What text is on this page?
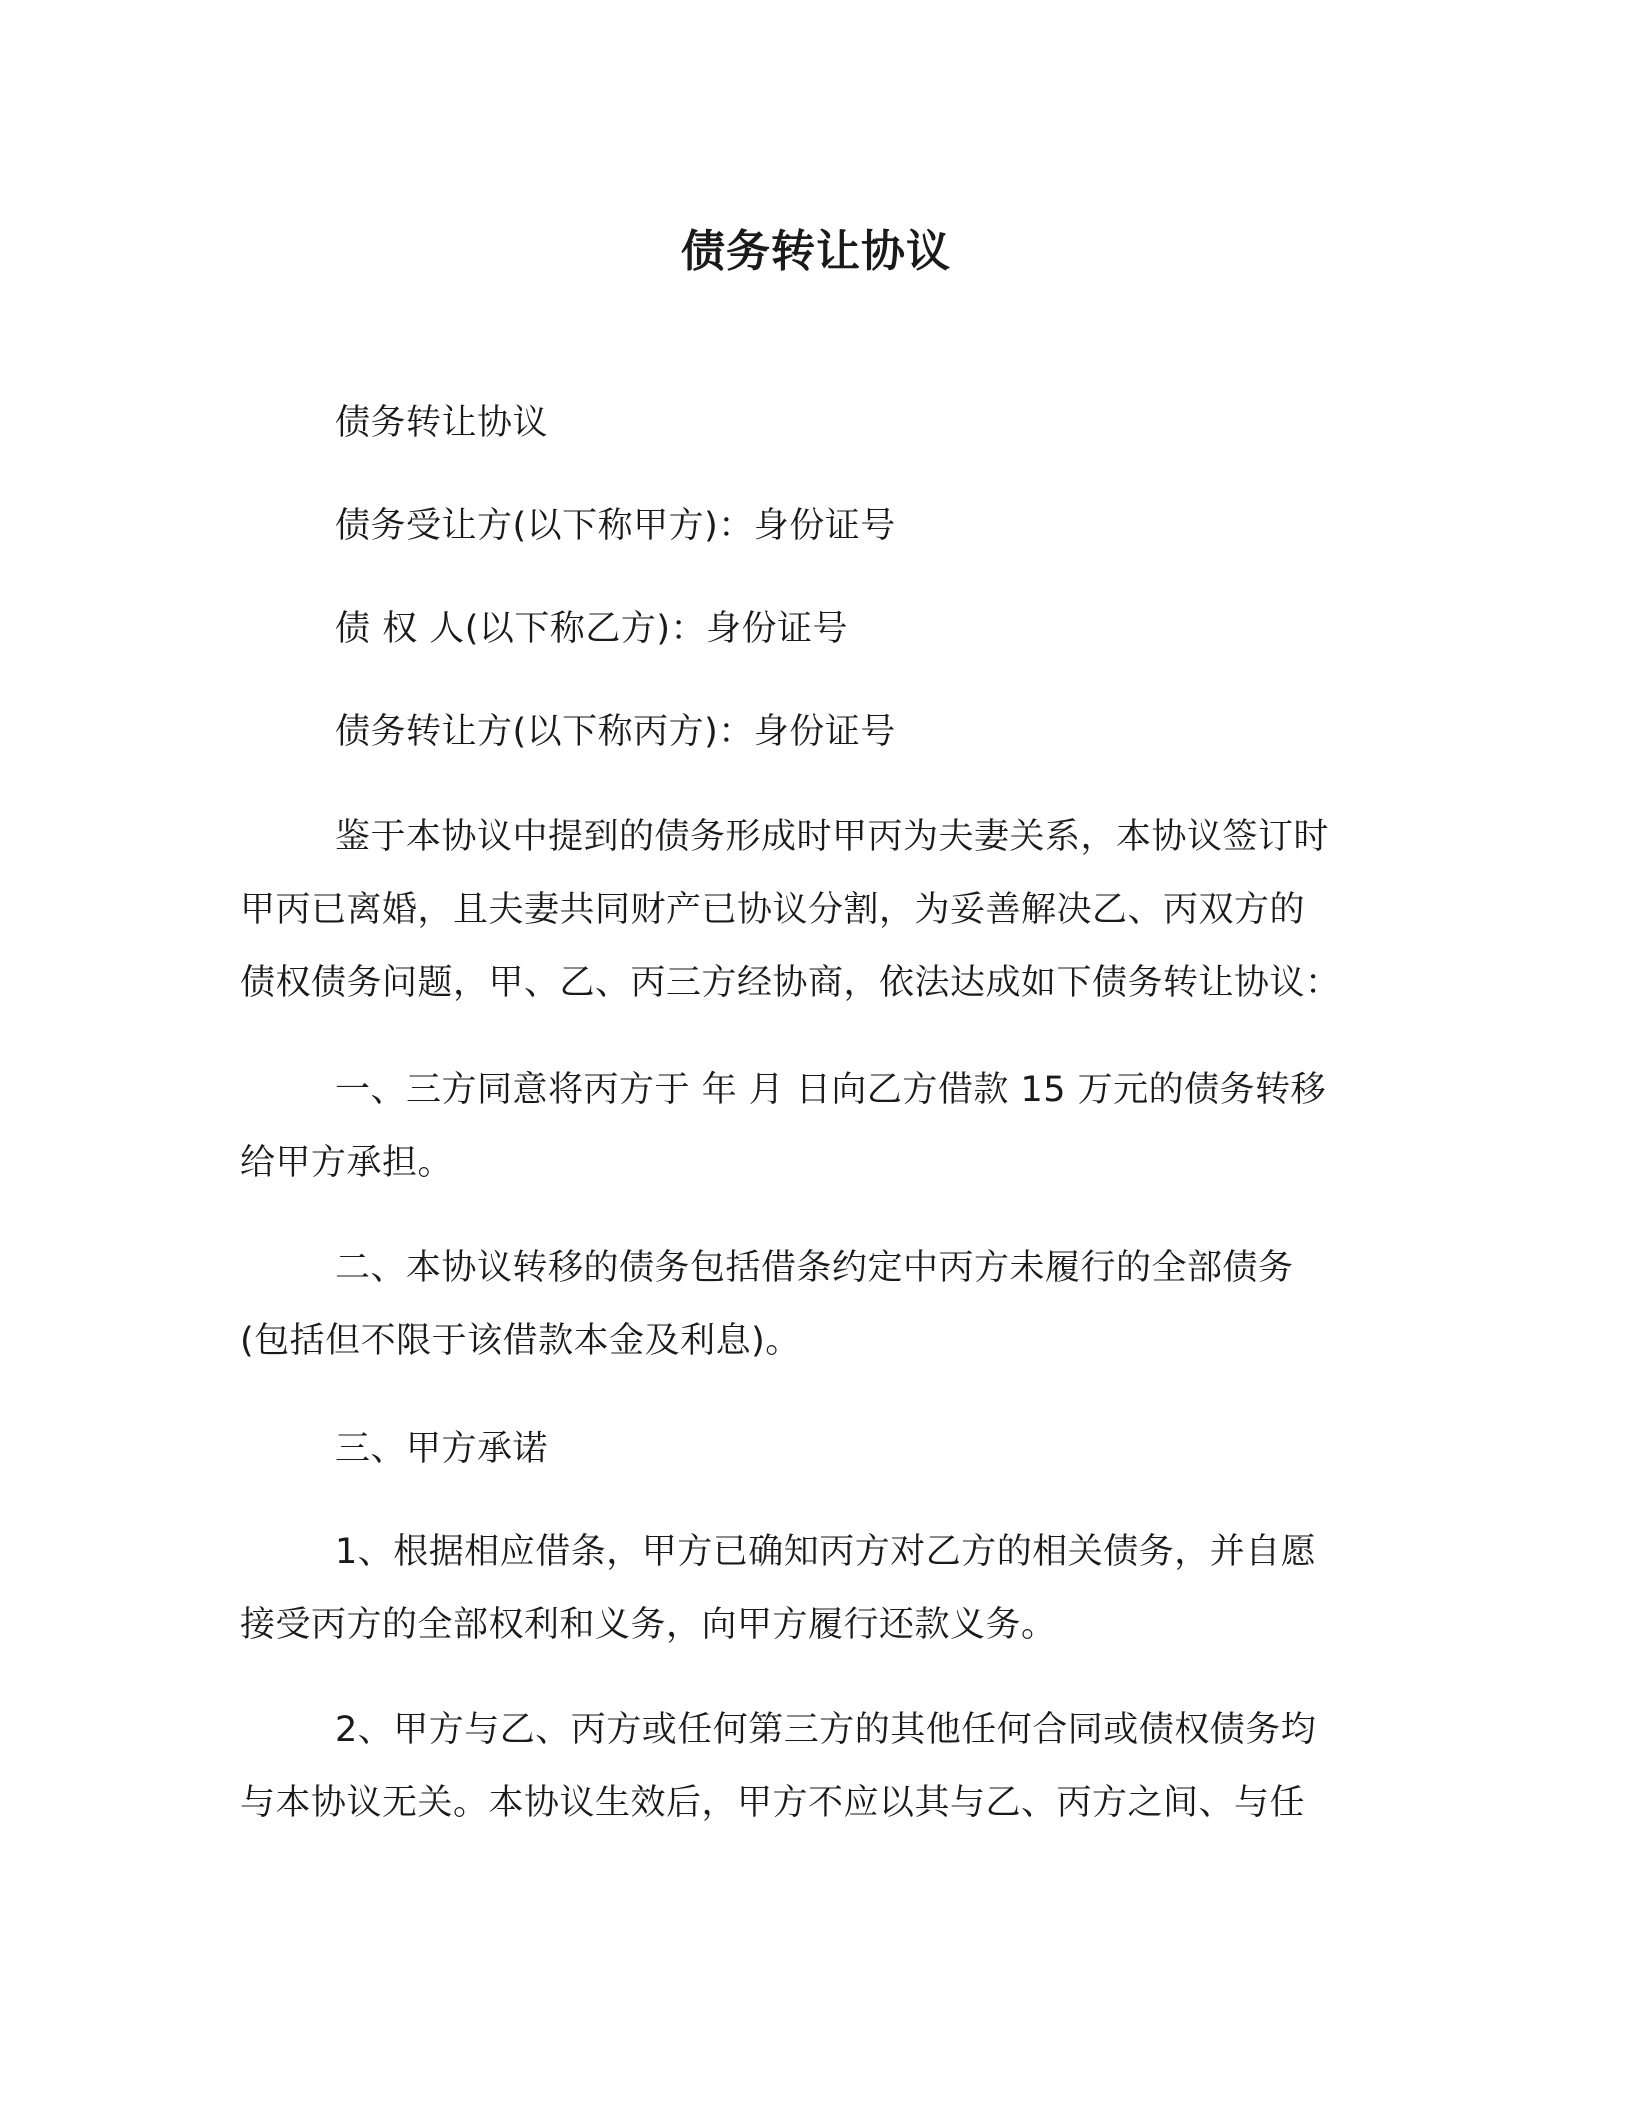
债务转让协议
债务转让协议
债务受让方(以下称甲方)：身份证号
债 权 人(以下称乙方)：身份证号
债务转让方(以下称丙方)：身份证号
鉴于本协议中提到的债务形成时甲丙为夫妻关系，本协议签订时
甲丙已离婚，且夫妻共同财产已协议分割，为妥善解决乙、丙双方的
债权债务问题，甲、乙、丙三方经协商，依法达成如下债务转让协议：
一、三方同意将丙方于 年 月 日向乙方借款 15 万元的债务转移
给甲方承担。
二、本协议转移的债务包括借条约定中丙方未履行的全部债务
(包括但不限于该借款本金及利息)。
三、甲方承诺
1、根据相应借条，甲方已确知丙方对乙方的相关债务，并自愿
接受丙方的全部权利和义务，向甲方履行还款义务。
2、甲方与乙、丙方或任何第三方的其他任何合同或债权债务均
与本协议无关。本协议生效后，甲方不应以其与乙、丙方之间、与任
